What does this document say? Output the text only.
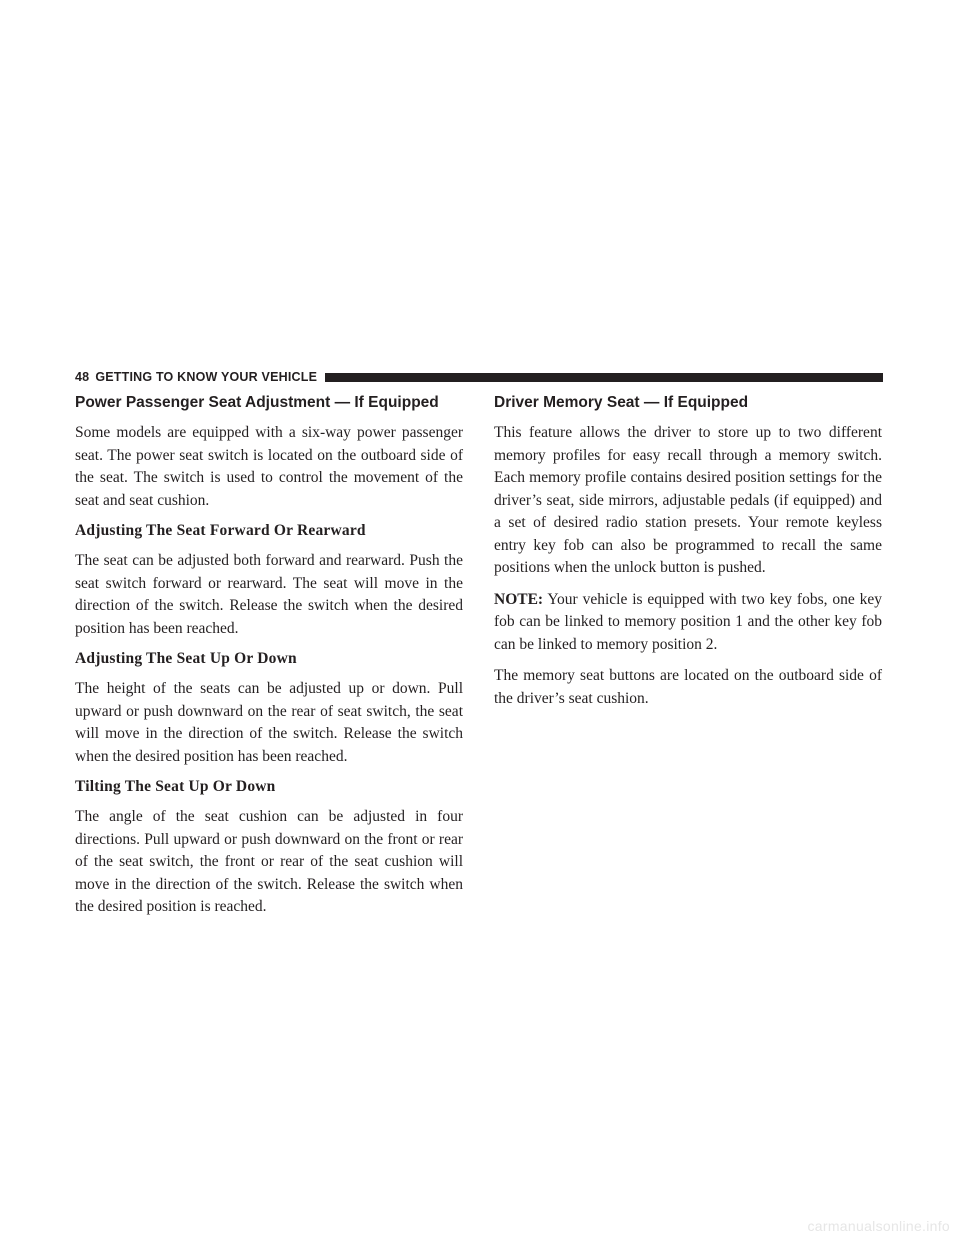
48 GETTING TO KNOW YOUR VEHICLE
Power Passenger Seat Adjustment — If Equipped

Some models are equipped with a six-way power passenger seat. The power seat switch is located on the outboard side of the seat. The switch is used to control the movement of the seat and seat cushion.

Adjusting The Seat Forward Or Rearward

The seat can be adjusted both forward and rearward. Push the seat switch forward or rearward. The seat will move in the direction of the switch. Release the switch when the desired position has been reached.

Adjusting The Seat Up Or Down

The height of the seats can be adjusted up or down. Pull upward or push downward on the rear of seat switch, the seat will move in the direction of the switch. Release the switch when the desired position has been reached.

Tilting The Seat Up Or Down

The angle of the seat cushion can be adjusted in four directions. Pull upward or push downward on the front or rear of the seat switch, the front or rear of the seat cushion will move in the direction of the switch. Release the switch when the desired position is reached.

Driver Memory Seat — If Equipped

This feature allows the driver to store up to two different memory profiles for easy recall through a memory switch. Each memory profile contains desired position settings for the driver’s seat, side mirrors, adjustable pedals (if equipped) and a set of desired radio station presets. Your remote keyless entry key fob can also be programmed to recall the same positions when the unlock button is pushed.

NOTE: Your vehicle is equipped with two key fobs, one key fob can be linked to memory position 1 and the other key fob can be linked to memory position 2.

The memory seat buttons are located on the outboard side of the driver’s seat cushion.

carmanualsonline.info
